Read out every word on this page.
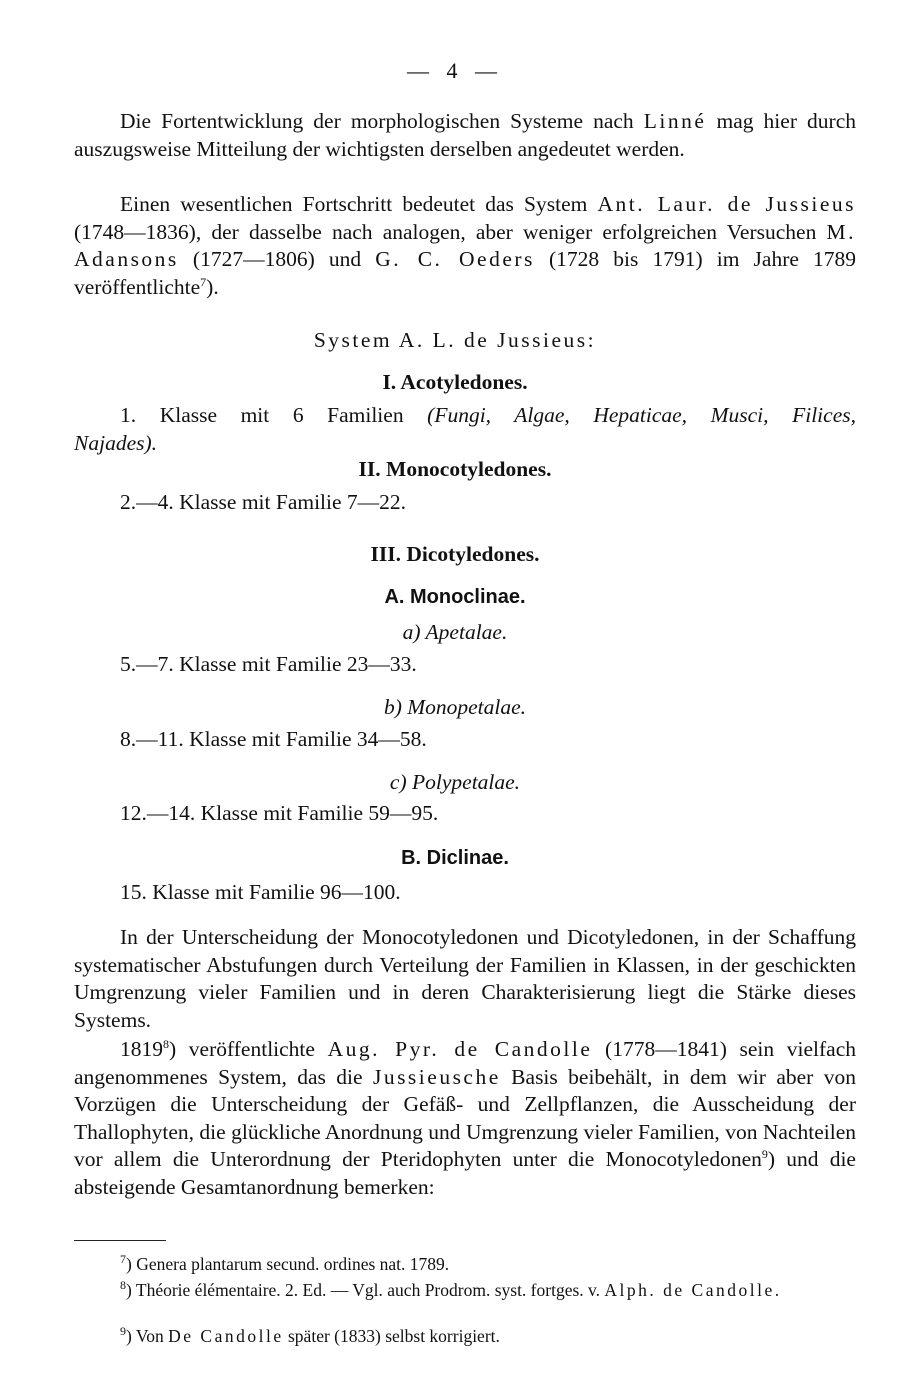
— 4 —
Die Fortentwicklung der morphologischen Systeme nach Linné mag hier durch auszugsweise Mitteilung der wichtigsten derselben angedeutet werden.
Einen wesentlichen Fortschritt bedeutet das System Ant. Laur. de Jussieus (1748—1836), der dasselbe nach analogen, aber weniger erfolgreichen Versuchen M. Adansons (1727—1806) und G. C. Oeders (1728 bis 1791) im Jahre 1789 veröffentlichte$^7$).
System A. L. de Jussieus:
I. Acotyledones.
1. Klasse mit 6 Familien (Fungi, Algae, Hepaticae, Musci, Filices,
Najades).
II. Monocotyledones.
2.—4. Klasse mit Familie 7—22.
III. Dicotyledones.
A. Monoclinae.
a) Apetalae.
5.—7. Klasse mit Familie 23—33.
b) Monopetalae.
8.—11. Klasse mit Familie 34—58.
c) Polypetalae.
12.—14. Klasse mit Familie 59—95.
B. Diclinae.
15. Klasse mit Familie 96—100.
In der Unterscheidung der Monocotyledonen und Dicotyledonen, in der Schaffung systematischer Abstufungen durch Verteilung der Familien in Klassen, in der geschickten Umgrenzung vieler Familien und in deren Charakterisierung liegt die Stärke dieses Systems.
1819$^8$) veröffentlichte Aug. Pyr. de Candolle (1778—1841) sein vielfach angenommenes System, das die Jussieusche Basis beibehält, in dem wir aber von Vorzügen die Unterscheidung der Gefäß- und Zellpflanzen, die Ausscheidung der Thallophyten, die glückliche Anordnung und Umgrenzung vieler Familien, von Nachteilen vor allem die Unterordnung der Pteridophyten unter die Monocotyledonen$^9$) und die absteigende Gesamtanordnung bemerken:
$^7$) Genera plantarum secund. ordines nat. 1789.
$^8$) Théorie élémentaire. 2. Ed. — Vgl. auch Prodrom. syst. fortges. v. Alph. de Candolle.
$^9$) Von De Candolle später (1833) selbst korrigiert.
